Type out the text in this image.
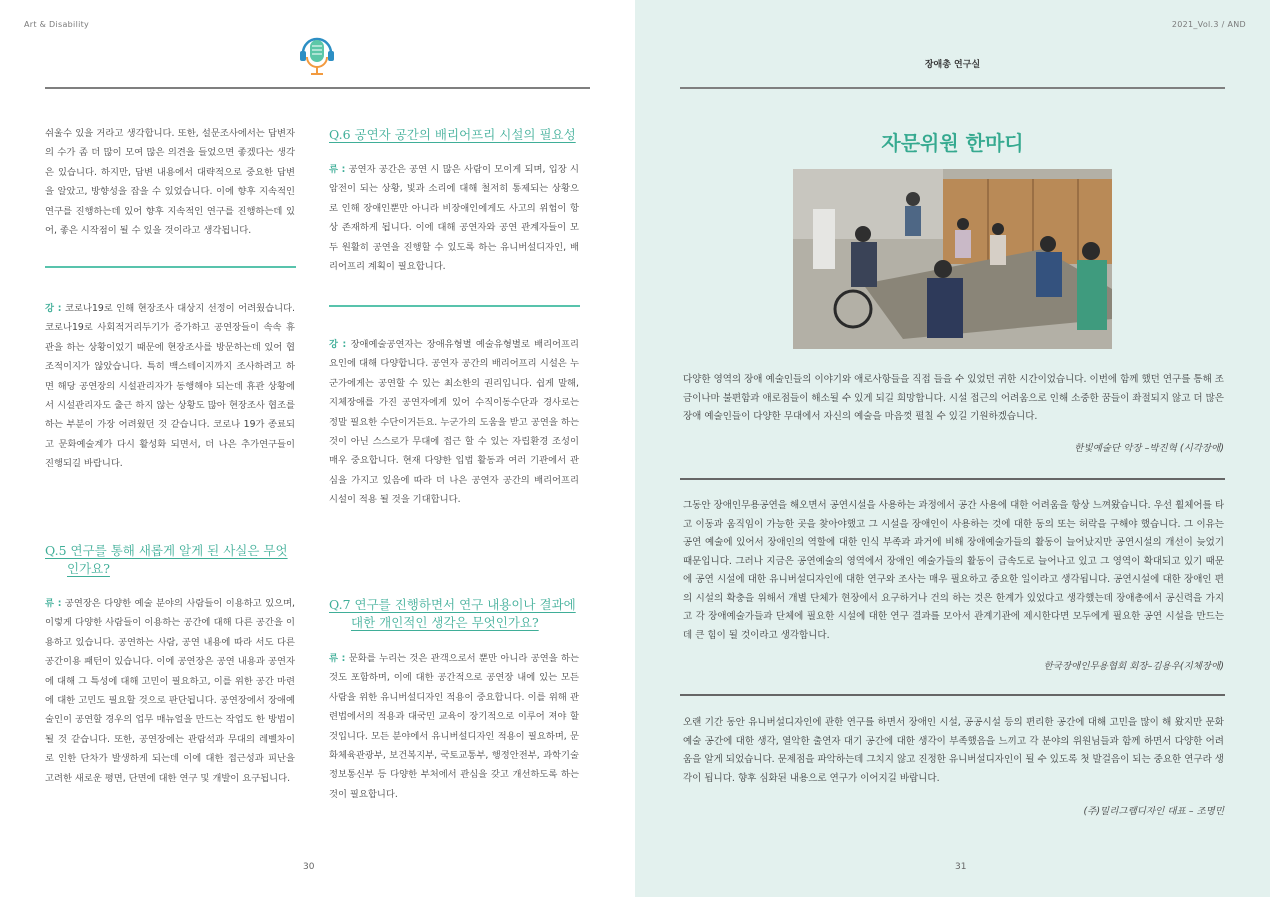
Art & Disability

쉬울수 있을 거라고 생각합니다. 또한, 설문조사에서는 답변자의 수가 좀 더 많이 모여 많은 의견을 들었으면 좋겠다는 생각은 있습니다. 하지만, 답변 내용에서 대략적으로 중요한 답변을 알았고, 방향성을 잡을 수 있었습니다. 이에 향후 지속적인 연구를 진행하는데 있어 향후 지속적인 연구를 진행하는데 있어, 좋은 시작점이 될 수 있을 것이라고 생각됩니다.

강 : 코로나19로 인해 현장조사 대상지 선정이 어려웠습니다. 코로나19로 사회적거리두기가 증가하고 공연장들이 속속 휴관을 하는 상황이었기 때문에 현장조사를 방문하는데 있어 협조적이지가 않았습니다. 특히 백스테이지까지 조사하려고 하면 해당 공연장의 시설관리자가 동행해야 되는데 휴관 상황에서 시설관리자도 출근 하지 않는 상황도 많아 현장조사 협조를 하는 부분이 가장 어려웠던 것 같습니다. 코로나 19가 종료되고 문화예술계가 다시 활성화 되면서, 더 나은 추가연구들이 진행되길 바랍니다.

Q.5 연구를 통해 새롭게 알게 된 사실은 무엇
인가요?

류 : 공연장은 다양한 예술 분야의 사람들이 이용하고 있으며, 이렇게 다양한 사람들이 이용하는 공간에 대해 다른 공간을 이용하고 있습니다. 공연하는 사람, 공연 내용에 따라 서도 다른 공간이용 패턴이 있습니다. 이에 공연장은 공연 내용과 공연자에 대해 그 특성에 대해 고민이 필요하고, 이를 위한 공간 마련에 대한 고민도 필요할 것으로 판단됩니다. 공연장에서 장애예술인이 공연할 경우의 업무 매뉴얼을 만드는 작업도 한 방법이 될 것 같습니다. 또한, 공연장에는 관람석과 무대의 레벨차이로 인한 단차가 발생하게 되는데 이에 대한 접근성과 피난을 고려한 새로운 평면, 단면에 대한 연구 및 개발이 요구됩니다.

Q.6 공연자 공간의 배리어프리 시설의 필요성

류 : 공연자 공간은 공연 시 많은 사람이 모이게 되며, 입장 시 암전이 되는 상황, 빛과 소리에 대해 철저히 통제되는 상황으로 인해 장애인뿐만 아니라 비장애인에게도 사고의 위험이 항상 존재하게 됩니다. 이에 대해 공연자와 공연 관계자들이 모두 원활히 공연을 진행할 수 있도록 하는 유니버설디자인, 배리어프리 계획이 필요합니다.

강 : 장애예술공연자는 장애유형별 예술유형별로 배리어프리 요인에 대해 다양합니다. 공연자 공간의 배리어프리 시설은 누군가에게는 공연할 수 있는 최소한의 권리입니다. 쉽게 말해, 지체장애를 가진 공연자에게 있어 수직이동수단과 경사로는 정말 필요한 수단이거든요. 누군가의 도움을 받고 공연을 하는 것이 아닌 스스로가 무대에 접근 할 수 있는 자립환경 조성이 매우 중요합니다. 현재 다양한 입법 활동과 여러 기관에서 관심을 가지고 있음에 따라 더 나은 공연자 공간의 배리어프리 시설이 적용 될 것을 기대합니다.

Q.7 연구를 진행하면서 연구 내용이나 결과에
대한 개인적인 생각은 무엇인가요?

류 : 문화를 누리는 것은 관객으로서 뿐만 아니라 공연을 하는 것도 포함하며, 이에 대한 공간적으로 공연장 내에 있는 모든 사람을 위한 유니버설디자인 적용이 중요합니다. 이를 위해 관련법에서의 적용과 대국민 교육이 장기적으로 이루어 져야 할 것입니다. 모든 분야에서 유니버설디자인 적용이 필요하며, 문화체육관광부, 보건복지부, 국토교통부, 행정안전부, 과학기술정보통신부 등 다양한 부처에서 관심을 갖고 개선하도록 하는 것이 필요합니다.

30
2021_Vol.3 / AND
장애총 연구실
자문위원 한마디

다양한 영역의 장애 예술인들의 이야기와 애로사항들을 직접 들을 수 있었던 귀한 시간이었습니다. 이번에 함께 했던 연구를 통해 조금이나마 불편함과 애로점들이 해소될 수 있게 되길 희망합니다. 시설 접근의 어려움으로 인해 소중한 꿈들이 좌절되지 않고 더 많은 장애 예술인들이 다양한 무대에서 자신의 예술을 마음껏 펼칠 수 있길 기원하겠습니다.

한빛예술단 악장 –박진혁 (시각장애)

그동안 장애인무용공연을 해오면서 공연시설을 사용하는 과정에서 공간 사용에 대한 어려움을 항상 느껴왔습니다. 우선 휠체어를 타고 이동과 움직임이 가능한 곳을 찾아야했고 그 시설을 장애인이 사용하는 것에 대한 동의 또는 허락을 구해야 했습니다. 그 이유는 공연 예술에 있어서 장애인의 역할에 대한 인식 부족과 과거에 비해 장애예술가들의 활동이 늘어났지만 공연시설의 개선이 늦었기 때문입니다. 그러나 지금은 공연예술의 영역에서 장애인 예술가들의 활동이 급속도로 늘어나고 있고 그 영역이 확대되고 있기 때문에 공연 시설에 대한 유니버설디자인에 대한 연구와 조사는 매우 필요하고 중요한 일이라고 생각됩니다. 공연시설에 대한 장애인 편의 시설의 확충을 위해서 개별 단체가 현장에서 요구하거나 건의 하는 것은 한계가 있었다고 생각했는데 장애총에서 공신력을 가지고 각 장애예술가들과 단체에 필요한 시설에 대한 연구 결과를 모아서 관계기관에 제시한다면 모두에게 필요한 공연 시설을 만드는데 큰 힘이 될 것이라고 생각합니다.

한국장애인무용협회 회장–김용우(지체장애)

오랜 기간 동안 유니버설디자인에 관한 연구를 하면서 장애인 시설, 공공시설 등의 편리한 공간에 대해 고민을 많이 해 왔지만 문화예술 공간에 대한 생각, 열악한 출연자 대기 공간에 대한 생각이 부족했음을 느끼고 각 분야의 위원님들과 함께 하면서 다양한 어려움을 알게 되었습니다. 문제점을 파악하는데 그치지 않고 진정한 유니버설디자인이 될 수 있도록 첫 발걸음이 되는 중요한 연구라 생각이 됩니다. 향후 심화된 내용으로 연구가 이어지길 바랍니다.

(주)밀리그램디자인 대표 – 조명민
31
